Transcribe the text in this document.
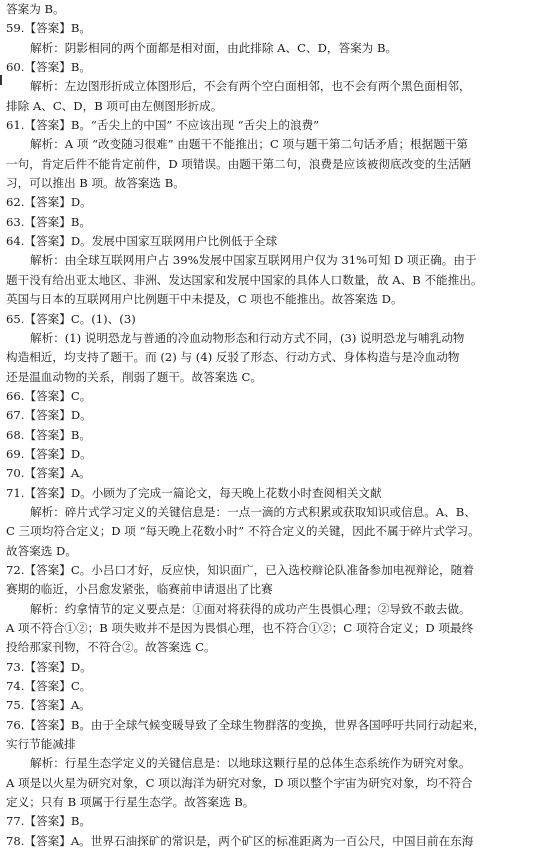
答案为 B。
59.【答案】B。
解析：阴影相同的两个面都是相对面，由此排除 A、C、D，答案为 B。
60.【答案】B。
解析：左边图形折成立体图形后，不会有两个空白面相邻，也不会有两个黑色面相邻，
排除 A、C、D，B 项可由左侧图形折成。
61.【答案】B。“舌尖上的中国” 不应该出现 “舌尖上的浪费”
解析：A 项 “改变随习很难” 由题干不能推出；C 项与题干第二句话矛盾；根据题干第
一句，肯定后件不能肯定前件，D 项错误。由题干第二句，浪费是应该被彻底改变的生活陋
习，可以推出 B 项。故答案选 B。
62.【答案】D。
63.【答案】B。
64.【答案】D。发展中国家互联网用户比例低于全球
解析：由全球互联网用户占 39%发展中国家互联网用户仅为 31%可知 D 项正确。由于
题干没有给出亚太地区、非洲、发达国家和发展中国家的具体人口数量，故 A、B 不能推出。
英国与日本的互联网用户比例题干中未提及，C 项也不能推出。故答案选 D。
65.【答案】C。(1)、(3)
解析：(1) 说明恐龙与普通的冷血动物形态和行动方式不同，(3) 说明恐龙与哺乳动物
构造相近，均支持了题干。而 (2) 与 (4) 反驳了形态、行动方式、身体构造与是冷血动物
还是温血动物的关系，削弱了题干。故答案选 C。
66.【答案】C。
67.【答案】D。
68.【答案】B。
69.【答案】D。
70.【答案】A。
71.【答案】D。小顾为了完成一篇论文，每天晚上花数小时查阅相关文献
解析：碎片式学习定义的关键信息是：一点一滴的方式积累或获取知识或信息。A、B、
C 三项均符合定义；D 项 “每天晚上花数小时” 不符合定义的关键，因此不属于碎片式学习。
故答案选 D。
72.【答案】C。小吕口才好，反应快，知识面广，已入选校辩论队准备参加电视辩论，随着
赛期的临近，小吕愈发紧张，临赛前申请退出了比赛
解析：约拿情节的定义要点是：①面对将获得的成功产生畏惧心理；②导致不敢去做。
A 项不符合①②；B 项失败并不是因为畏惧心理，也不符合①②；C 项符合定义；D 项最终
投给那家刊物，不符合②。故答案选 C。
73.【答案】D。
74.【答案】C。
75.【答案】A。
76.【答案】B。由于全球气候变暖导致了全球生物群落的变换，世界各国呼吁共同行动起来，
实行节能减排
解析：行星生态学定义的关键信息是：以地球这颗行星的总体生态系统作为研究对象。
A 项是以火星为研究对象，C 项以海洋为研究对象，D 项以整个宇宙为研究对象，均不符合
定义；只有 B 项属于行星生态学。故答案选 B。
77.【答案】B。
78.【答案】A。世界石油探矿的常识是，两个矿区的标准距离为一百公尺，中国目前在东海
